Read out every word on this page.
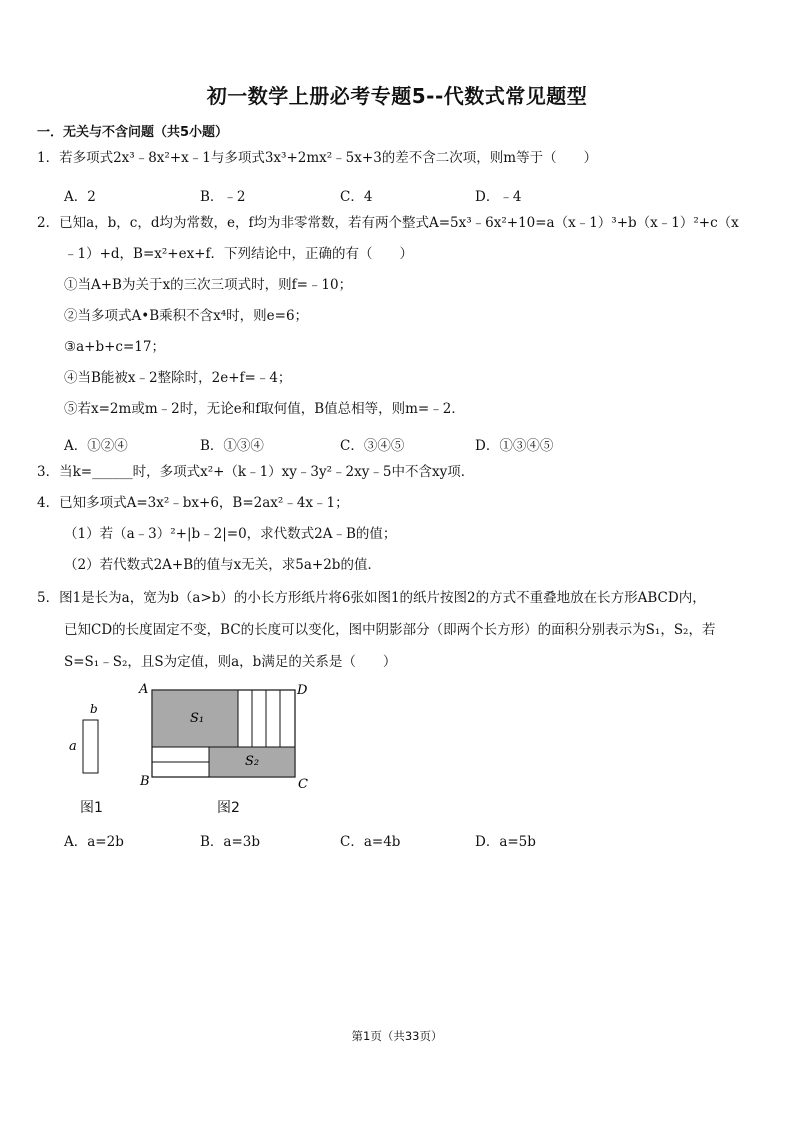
初一数学上册必考专题5--代数式常见题型
一．无关与不含问题（共5小题）
1．若多项式2x³﹣8x²+x﹣1与多项式3x³+2mx²﹣5x+3的差不含二次项，则m等于（　　）
A．2	B．﹣2	C．4	D．﹣4
2．已知a，b，c，d均为常数，e，f均为非零常数，若有两个整式A=5x³﹣6x²+10=a（x﹣1）³+b（x﹣1）²+c（x
﹣1）+d，B=x²+ex+f．下列结论中，正确的有（　　）
①当A+B为关于x的三次三项式时，则f=﹣10；
②当多项式A•B乘积不含x⁴时，则e=6；
③a+b+c=17；
④当B能被x﹣2整除时，2e+f=﹣4；
⑤若x=2m或m﹣2时，无论e和f取何值，B值总相等，则m=﹣2．
A．①②④	B．①③④	C．③④⑤	D．①③④⑤
3．当k=______时，多项式x²+（k﹣1）xy﹣3y²﹣2xy﹣5中不含xy项．
4．已知多项式A=3x²﹣bx+6，B=2ax²﹣4x﹣1；
（1）若（a﹣3）²+|b﹣2|=0，求代数式2A﹣B的值；
（2）若代数式2A+B的值与x无关，求5a+2b的值．
5．图1是长为a，宽为b（a>b）的小长方形纸片将6张如图1的纸片按图2的方式不重叠地放在长方形ABCD内，
已知CD的长度固定不变，BC的长度可以变化，图中阴影部分（即两个长方形）的面积分别表示为S₁，S₂，若
S=S₁﹣S₂，且S为定值，则a，b满足的关系是（　　）
b
a
A	D
B	C
S₁
S₂
图1	图2
A．a=2b	B．a=3b	C．a=4b	D．a=5b
第1页（共33页）
